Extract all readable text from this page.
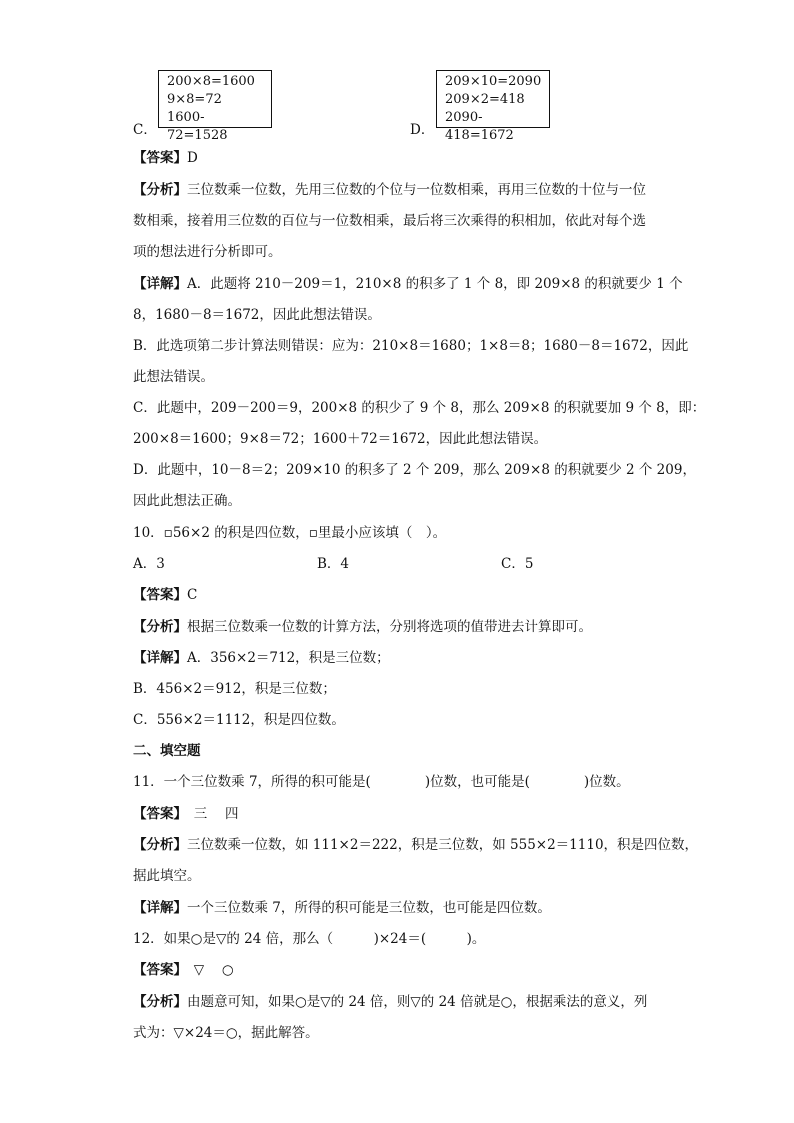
C．
200×8=1600
9×8=72
1600-72=1528	D．
209×10=2090
209×2=418
2090-418=1672
【答案】D
【分析】三位数乘一位数，先用三位数的个位与一位数相乘，再用三位数的十位与一位
数相乘，接着用三位数的百位与一位数相乘，最后将三次乘得的积相加，依此对每个选
项的想法进行分析即可。
【详解】A．此题将 210－209＝1，210×8 的积多了 1 个 8，即 209×8 的积就要少 1 个
8，1680－8＝1672，因此此想法错误。
B．此选项第二步计算法则错误：应为：210×8＝1680；1×8＝8；1680－8＝1672，因此
此想法错误。
C．此题中，209－200＝9，200×8 的积少了 9 个 8，那么 209×8 的积就要加 9 个 8，即：
200×8＝1600；9×8＝72；1600＋72＝1672，因此此想法错误。
D．此题中，10－8＝2；209×10 的积多了 2 个 209，那么 209×8 的积就要少 2 个 209，
因此此想法正确。
10．▫56×2 的积是四位数，▫里最小应该填（　）。
A．3	B．4	C．5
【答案】C
【分析】根据三位数乘一位数的计算方法，分别将选项的值带进去计算即可。
【详解】A．356×2＝712，积是三位数；
B．456×2＝912，积是三位数；
C．556×2＝1112，积是四位数。
二、填空题
11．一个三位数乘 7，所得的积可能是(　　　　)位数，也可能是(　　　　)位数。
【答案】　三　 四
【分析】三位数乘一位数，如 111×2＝222，积是三位数，如 555×2＝1110，积是四位数，
据此填空。
【详解】一个三位数乘 7，所得的积可能是三位数，也可能是四位数。
12．如果○是▽的 24 倍，那么（　　　)×24＝(　　　)。
【答案】　▽　 ○
【分析】由题意可知，如果○是▽的 24 倍，则▽的 24 倍就是○，根据乘法的意义，列
式为：▽×24＝○，据此解答。
